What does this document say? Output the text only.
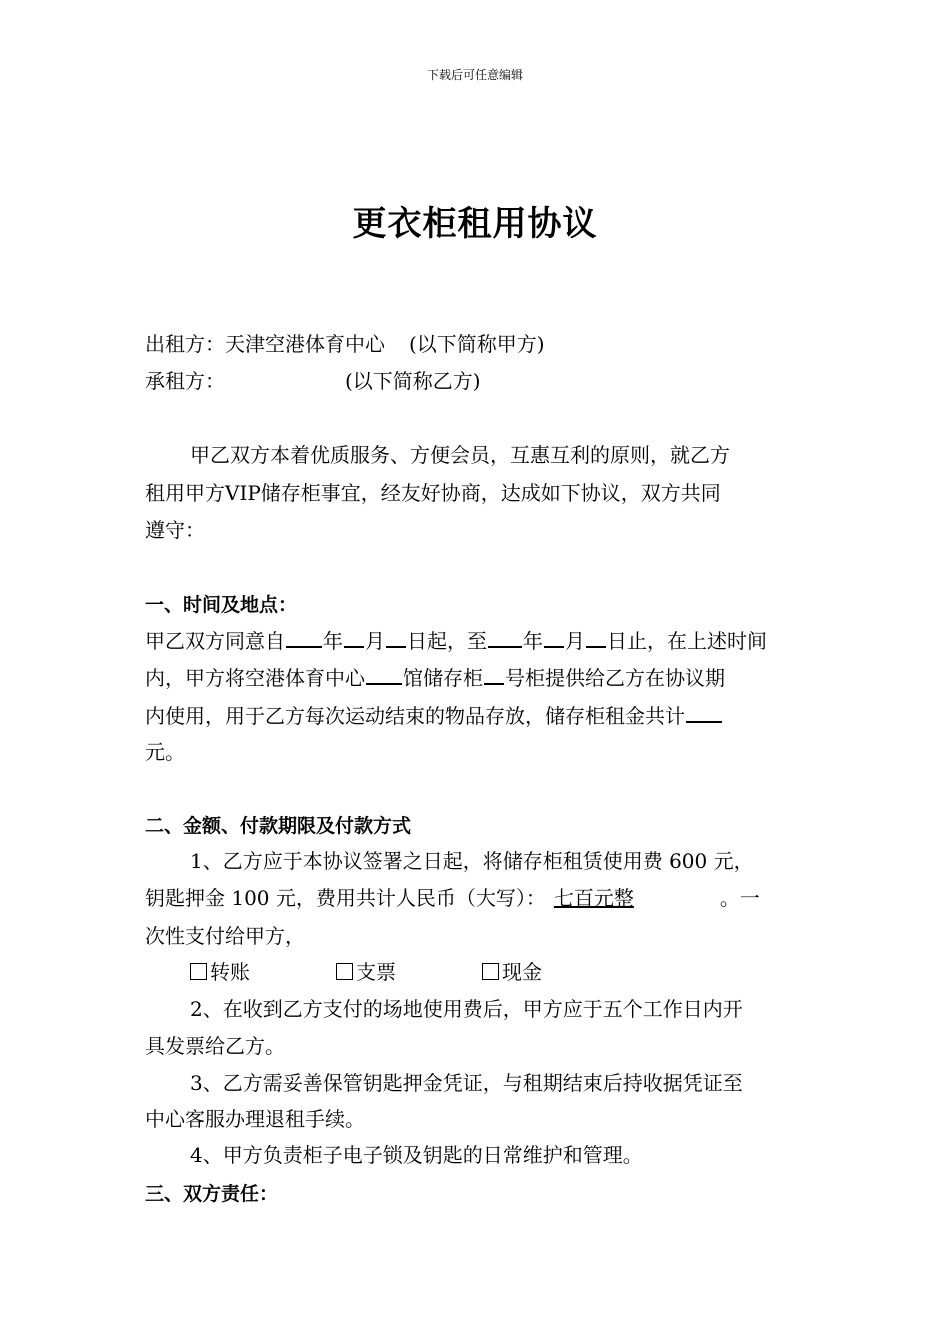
下载后可任意编辑
更衣柜租用协议
出租方：天津空港体育中心 (以下简称甲方)
承租方：	(以下简称乙方)
甲乙双方本着优质服务、方便会员，互惠互利的原则，就乙方
租用甲方VIP储存柜事宜，经友好协商，达成如下协议，双方共同
遵守：
一、时间及地点：
甲乙双方同意自 年 月 日起，至 年 月 日止，在上述时间
内，甲方将空港体育中心 馆储存柜 号柜提供给乙方在协议期
内使用，用于乙方每次运动结束的物品存放，储存柜租金共计
元。
二、金额、付款期限及付款方式
1、乙方应于本协议签署之日起，将储存柜租赁使用费 600 元，
钥匙押金 100 元，费用共计人民币（大写）： 七百元整	。一
次性支付给甲方，
转账	支票	现金
2、在收到乙方支付的场地使用费后，甲方应于五个工作日内开
具发票给乙方。
3、乙方需妥善保管钥匙押金凭证，与租期结束后持收据凭证至
中心客服办理退租手续。
4、甲方负责柜子电子锁及钥匙的日常维护和管理。
三、双方责任：
